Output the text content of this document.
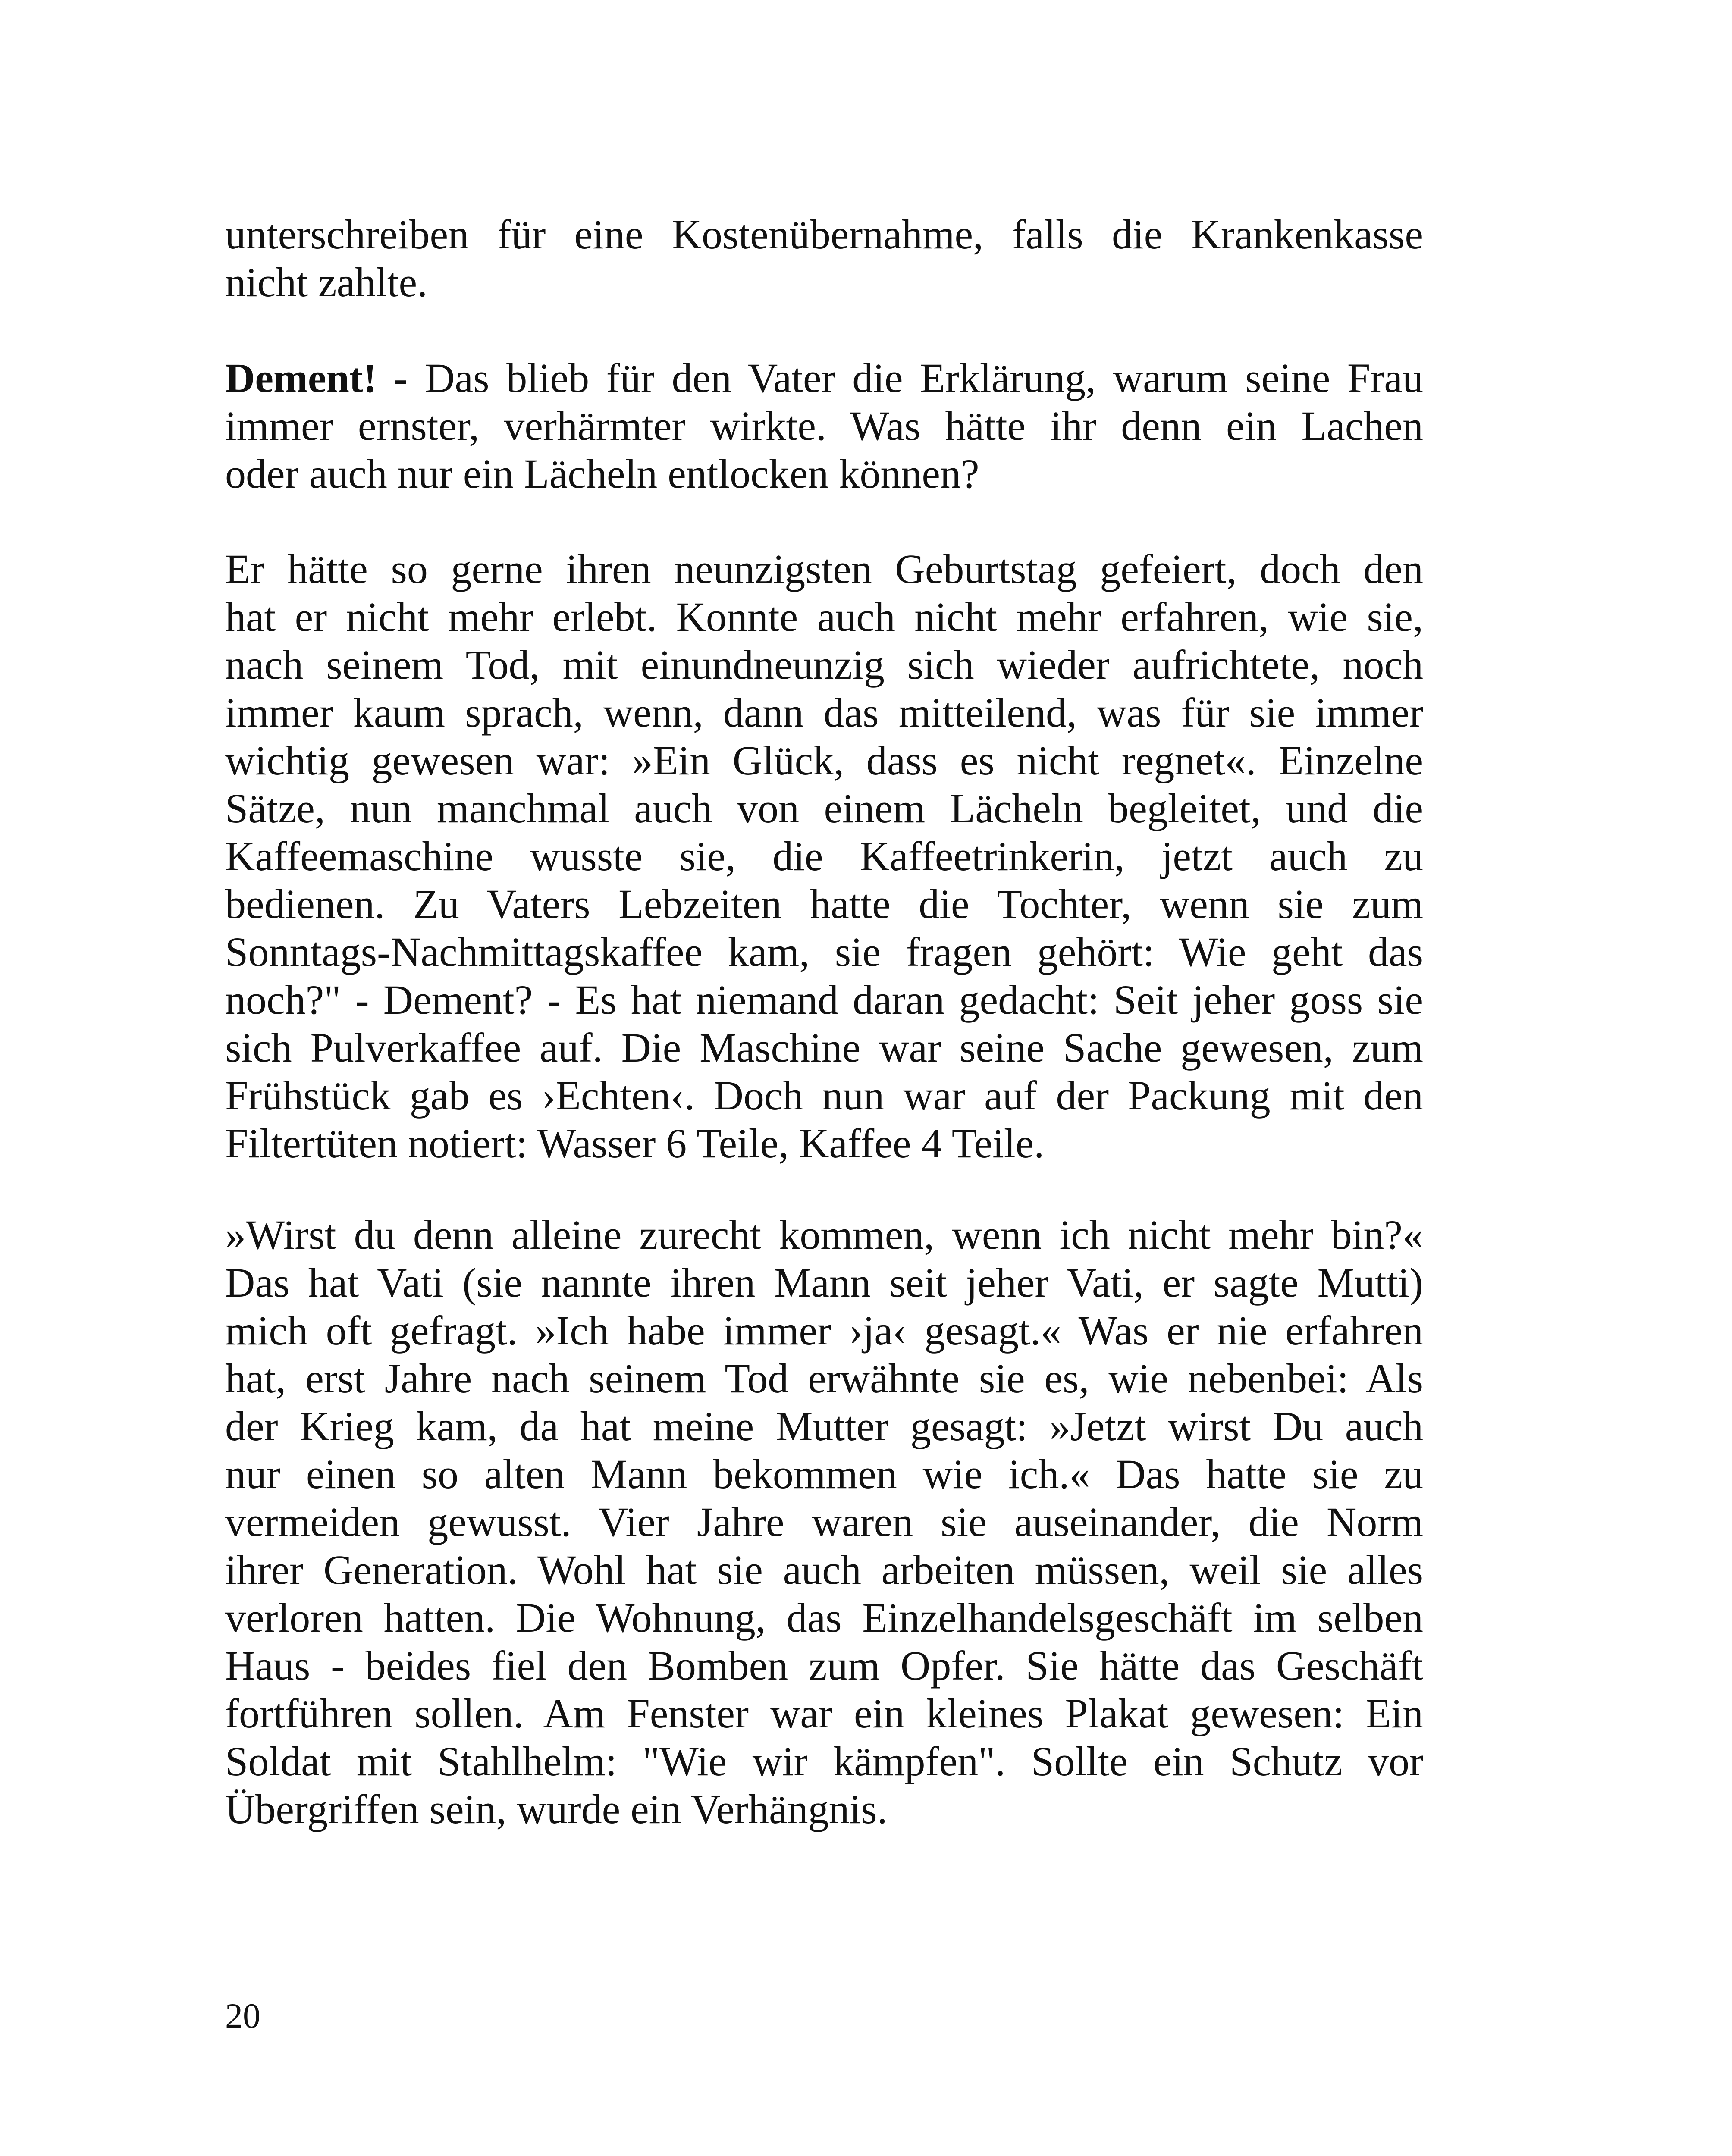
unterschreiben für eine Kostenübernahme, falls die Krankenkasse
nicht zahlte.
Dement! - Das blieb für den Vater die Erklärung, warum seine Frau
immer ernster, verhärmter wirkte. Was hätte ihr denn ein Lachen
oder auch nur ein Lächeln entlocken können?
Er hätte so gerne ihren neunzigsten Geburtstag gefeiert, doch den
hat er nicht mehr erlebt. Konnte auch nicht mehr erfahren, wie sie,
nach seinem Tod, mit einundneunzig sich wieder aufrichtete, noch
immer kaum sprach, wenn, dann das mitteilend, was für sie immer
wichtig gewesen war: »Ein Glück, dass es nicht regnet«. Einzelne
Sätze, nun manchmal auch von einem Lächeln begleitet, und die
Kaffeemaschine wusste sie, die Kaffeetrinkerin, jetzt auch zu
bedienen. Zu Vaters Lebzeiten hatte die Tochter, wenn sie zum
Sonntags-Nachmittagskaffee kam, sie fragen gehört: Wie geht das
noch?" - Dement? - Es hat niemand daran gedacht: Seit jeher goss sie
sich Pulverkaffee auf. Die Maschine war seine Sache gewesen, zum
Frühstück gab es ›Echten‹. Doch nun war auf der Packung mit den
Filtertüten notiert: Wasser 6 Teile, Kaffee 4 Teile.
»Wirst du denn alleine zurecht kommen, wenn ich nicht mehr bin?«
Das hat Vati (sie nannte ihren Mann seit jeher Vati, er sagte Mutti)
mich oft gefragt. »Ich habe immer ›ja‹ gesagt.« Was er nie erfahren
hat, erst Jahre nach seinem Tod erwähnte sie es, wie nebenbei: Als
der Krieg kam, da hat meine Mutter gesagt: »Jetzt wirst Du auch
nur einen so alten Mann bekommen wie ich.« Das hatte sie zu
vermeiden gewusst. Vier Jahre waren sie auseinander, die Norm
ihrer Generation. Wohl hat sie auch arbeiten müssen, weil sie alles
verloren hatten. Die Wohnung, das Einzelhandelsgeschäft im selben
Haus - beides fiel den Bomben zum Opfer. Sie hätte das Geschäft
fortführen sollen. Am Fenster war ein kleines Plakat gewesen: Ein
Soldat mit Stahlhelm: "Wie wir kämpfen". Sollte ein Schutz vor
Übergriffen sein, wurde ein Verhängnis.
20
